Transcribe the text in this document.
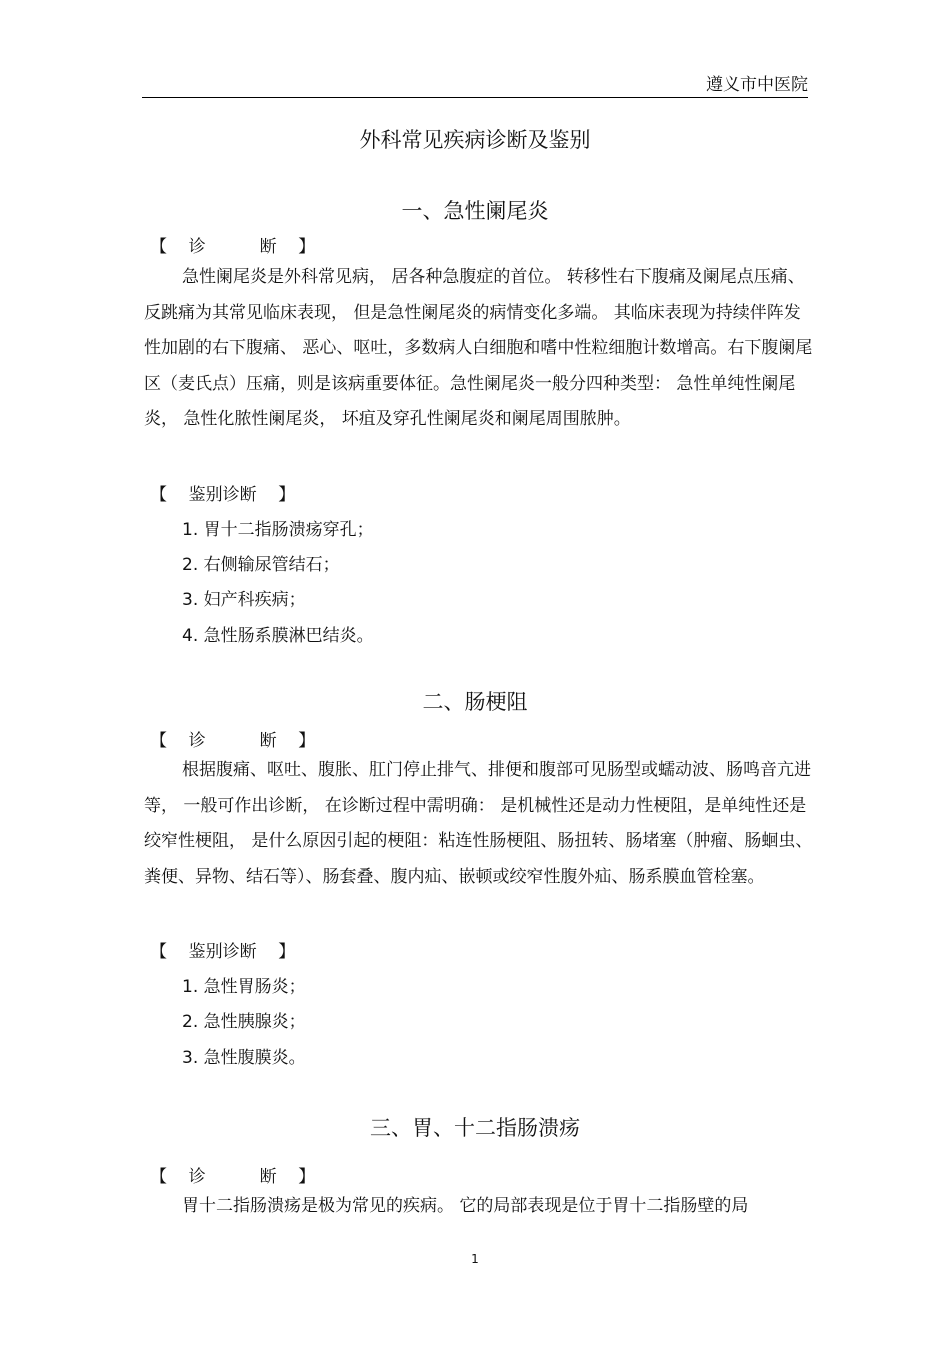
遵义市中医院
外科常见疾病诊断及鉴别
一、急性阑尾炎
【    诊          断    】
急性阑尾炎是外科常见病， 居各种急腹症的首位。 转移性右下腹痛及阑尾点压痛、反跳痛为其常见临床表现， 但是急性阑尾炎的病情变化多端。 其临床表现为持续伴阵发性加剧的右下腹痛、 恶心、呕吐，多数病人白细胞和嗜中性粒细胞计数增高。右下腹阑尾区（麦氏点）压痛，则是该病重要体征。急性阑尾炎一般分四种类型： 急性单纯性阑尾炎， 急性化脓性阑尾炎， 坏疽及穿孔性阑尾炎和阑尾周围脓肿。
【    鉴别诊断    】
1. 胃十二指肠溃疡穿孔；
2. 右侧输尿管结石；
3. 妇产科疾病；
4. 急性肠系膜淋巴结炎。
二、肠梗阻
【    诊          断    】
根据腹痛、呕吐、腹胀、肛门停止排气、排便和腹部可见肠型或蠕动波、肠鸣音亢进等， 一般可作出诊断， 在诊断过程中需明确： 是机械性还是动力性梗阻，是单纯性还是绞窄性梗阻， 是什么原因引起的梗阻：粘连性肠梗阻、肠扭转、肠堵塞（肿瘤、肠蛔虫、粪便、异物、结石等）、肠套叠、腹内疝、嵌顿或绞窄性腹外疝、肠系膜血管栓塞。
【    鉴别诊断    】
1. 急性胃肠炎；
2. 急性胰腺炎；
3. 急性腹膜炎。
三、胃、十二指肠溃疡
【    诊          断    】
胃十二指肠溃疡是极为常见的疾病。 它的局部表现是位于胃十二指肠壁的局
1
